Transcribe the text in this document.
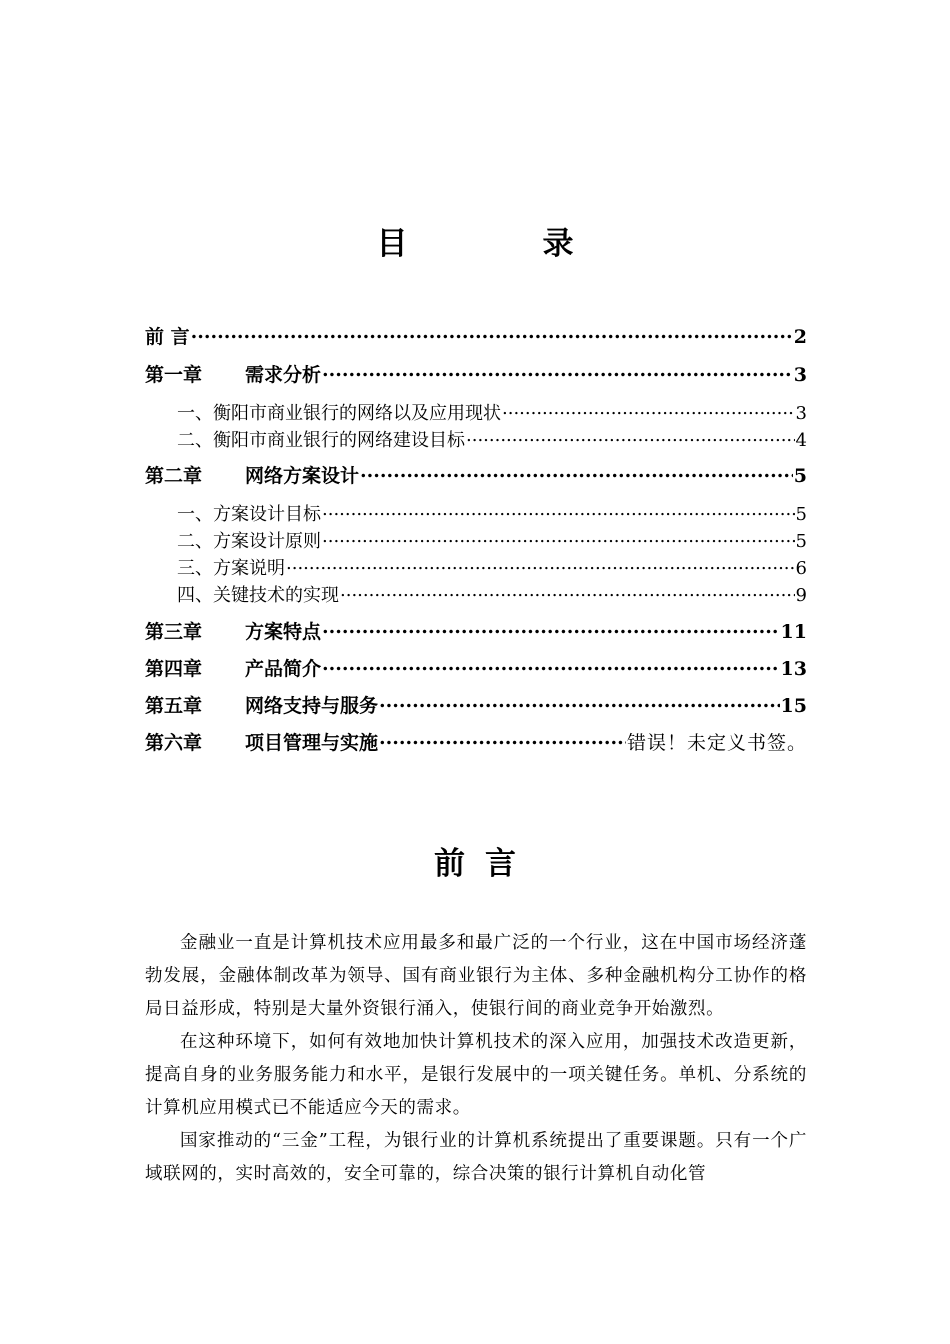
目　录
前 言 .....	2
第一章	需求分析 .....	3
一、衡阳市商业银行的网络以及应用现状 .....	3
二、衡阳市商业银行的网络建设目标 .....	4
第二章	网络方案设计 .....	5
一、方案设计目标 .....	5
二、方案设计原则 .....	5
三、方案说明 .....	6
四、关键技术的实现 .....	9
第三章	方案特点 .....	11
第四章	产品简介 .....	13
第五章	网络支持与服务 .....	15
第六章	项目管理与实施 .....	错误！未定义书签。
前言

金融业一直是计算机技术应用最多和最广泛的一个行业，这在中国市场经济蓬勃发展，金融体制改革为领导、国有商业银行为主体、多种金融机构分工协作的格局日益形成，特别是大量外资银行涌入，使银行间的商业竞争开始激烈。

在这种环境下，如何有效地加快计算机技术的深入应用，加强技术改造更新，提高自身的业务服务能力和水平，是银行发展中的一项关键任务。单机、分系统的计算机应用模式已不能适应今天的需求。

国家推动的“三金”工程，为银行业的计算机系统提出了重要课题。只有一个广域联网的，实时高效的，安全可靠的，综合决策的银行计算机自动化管
